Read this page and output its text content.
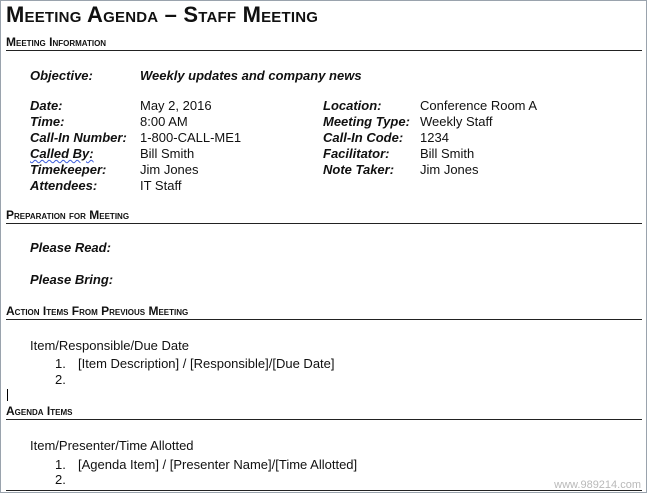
Meeting Agenda – Staff Meeting
Meeting Information
Objective:	Weekly updates and company news
Date:	May 2, 2016	Location:	Conference Room A
Time:	8:00 AM	Meeting Type: Weekly Staff
Call-In Number: 1-800-CALL-ME1	Call-In Code: 1234
Called By:	Bill Smith	Facilitator: Bill Smith
Timekeeper:	Jim Jones	Note Taker: Jim Jones
Attendees:	IT Staff
Preparation for Meeting
Please Read:
Please Bring:
Action Items From Previous Meeting
Item/Responsible/Due Date
1. [Item Description] / [Responsible]/[Due Date]
2.
Agenda Items
Item/Presenter/Time Allotted
1. [Agenda Item] / [Presenter Name]/[Time Allotted]
2.	www.989214.com
